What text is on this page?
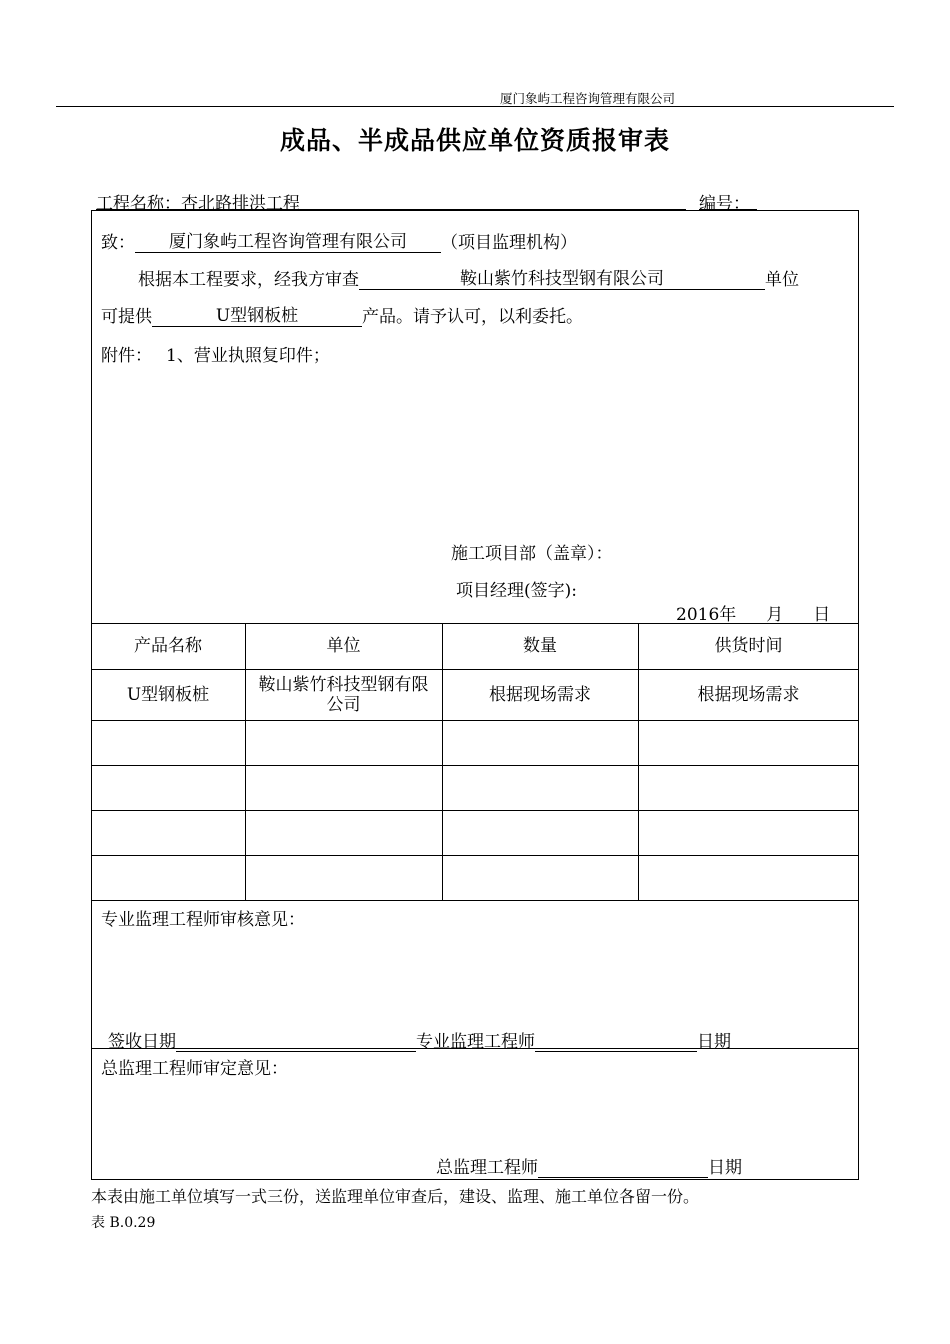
厦门象屿工程咨询管理有限公司
成品、半成品供应单位资质报审表
工程名称：杏北路排洪工程	编号：
致： 厦门象屿工程咨询管理有限公司 （项目监理机构）
根据本工程要求，经我方审查	鞍山紫竹科技型钢有限公司	单位
可提供	U型钢板桩	产品。请予认可，以利委托。
附件： 1、营业执照复印件；
施工项目部（盖章）：
项目经理(签字):
2016年 月 日
产品名称	单位	数量	供货时间
U型钢板桩	鞍山紫竹科技型钢有限公司	根据现场需求	根据现场需求
专业监理工程师审核意见：
签收日期	专业监理工程师	日期
总监理工程师审定意见：
总监理工程师	日期
本表由施工单位填写一式三份，送监理单位审查后，建设、监理、施工单位各留一份。
表 B.0.29
